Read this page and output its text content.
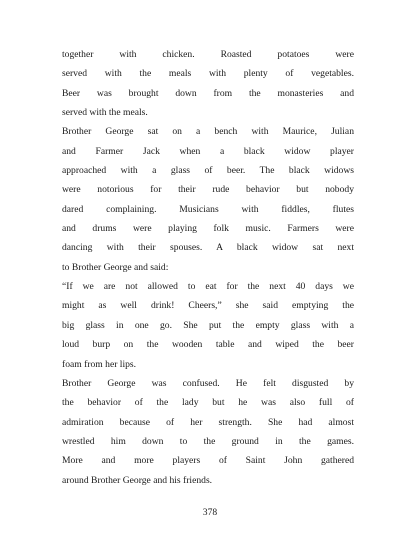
together with chicken. Roasted potatoes were
served with the meals with plenty of vegetables.
Beer was brought down from the monasteries and
served with the meals.

Brother George sat on a bench with Maurice, Julian
and Farmer Jack when a black widow player
approached with a glass of beer. The black widows
were notorious for their rude behavior but nobody
dared complaining. Musicians with fiddles, flutes
and drums were playing folk music. Farmers were
dancing with their spouses. A black widow sat next
to Brother George and said:

“If we are not allowed to eat for the next 40 days we
might as well drink! Cheers,” she said emptying the
big glass in one go. She put the empty glass with a
loud burp on the wooden table and wiped the beer
foam from her lips.

Brother George was confused. He felt disgusted by
the behavior of the lady but he was also full of
admiration because of her strength. She had almost
wrestled him down to the ground in the games.
More and more players of Saint John gathered
around Brother George and his friends.

378
